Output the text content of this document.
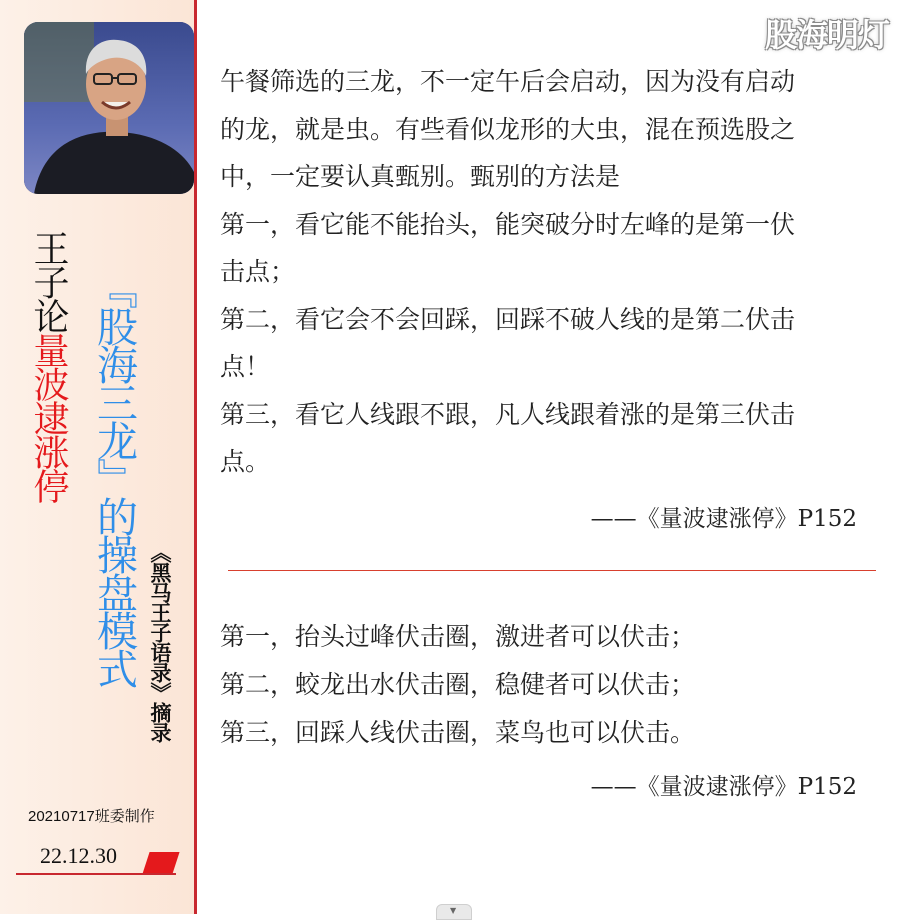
王子论量波逮涨停 『股海三龙』的操盘模式 《黑马王子语录》摘录
20210717班委制作
22.12.30
股海明灯

午餐筛选的三龙，不一定午后会启动，因为没有启动

的龙，就是虫。有些看似龙形的大虫，混在预选股之

中，一定要认真甄别。甄别的方法是

第一，看它能不能抬头，能突破分时左峰的是第一伏

击点；

第二，看它会不会回踩，回踩不破人线的是第二伏击

点！

第三，看它人线跟不跟，凡人线跟着涨的是第三伏击

点。

——《量波逮涨停》P152

第一，抬头过峰伏击圈，激进者可以伏击；

第二，蛟龙出水伏击圈，稳健者可以伏击；

第三，回踩人线伏击圈，菜鸟也可以伏击。

——《量波逮涨停》P152
▼
